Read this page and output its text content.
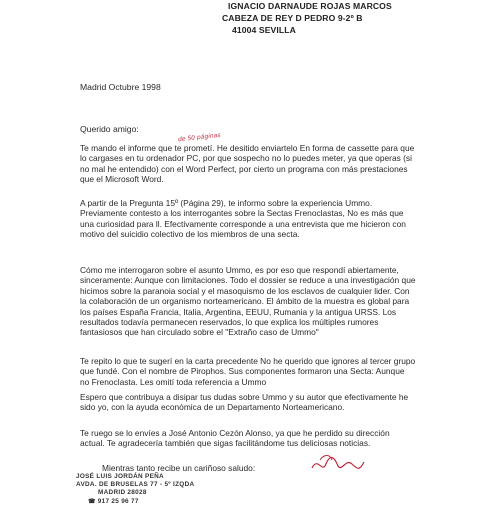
IGNACIO DARNAUDE ROJAS MARCOS
CABEZA DE REY D PEDRO 9-2º B
41004 SEVILLA
Madrid Octubre 1998
Querido amigo:
de 50 páginas
Te mando el informe que te prometí. He desitido enviartelo En forma de cassette para que lo cargases en tu ordenador PC, por que sospecho no lo puedes meter, ya que operas (si no mal he entendido) con el Word Perfect, por cierto un programa con más prestaciones que el Microsoft Word.
A partir de la Pregunta 15º (Página 29), te informo sobre la experiencia Ummo. Previamente contesto a los interrogantes sobre la Sectas Frenoclastas, No es más que una curiosidad para ll. Efectivamente corresponde a una entrevista que me hicieron con motivo del suicidio colectivo de los miembros de una secta.
Cómo me interrogaron sobre el asunto Ummo, es por eso que respondí abiertamente, sinceramente: Aunque con limitaciones. Todo el dossier se reduce a una investigación que hicimos sobre la paranoia social y el masoquismo de los esclavos de cualquier lider. Con la colaboración de un organismo norteamericano. El ámbito de la muestra es global para los países España Francia, Italia, Argentina, EEUU, Rumania y la antigua URSS. Los resultados todavía permanecen reservados, lo que explica los múltiples rumores fantasiosos que han circulado sobre el "Extraño caso de Ummo"
Te repito lo que te sugerí en la carta precedente No he querido que ignores al tercer grupo que fundé. Con el nombre de Pirophos. Sus componentes formaron una Secta: Aunque no Frenoclasta. Les omití toda referencia a Ummo
Espero que contribuya a disipar tus dudas sobre Ummo y su autor que efectivamente he sido yo, con la ayuda económica de un Departamento Norteamericano.
Te ruego se lo envíes a José Antonio Cezón Alonso, ya que he perdido su dirección actual. Te agradecería también que sigas facilitándome tus deliciosas noticias.
Mientras tanto recibe un cariñoso saludo:
JOSÉ LUIS JORDÁN PEÑA
AVDA. DE BRUSELAS 77 - 5º IZQDA
MADRID 28028
☎ 917 25 96 77
